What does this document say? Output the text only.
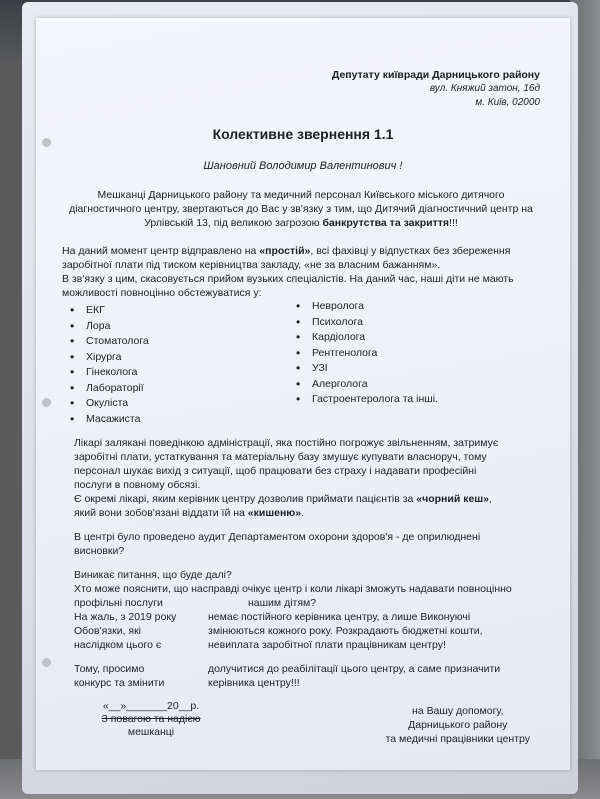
Депутату київради Дарницького району
вул. Княжий затон, 16д
м. Київ, 02000
Колективне звернення 1.1
Шановний Володимир Валентинович !
Мешканці Дарницького району та медичний персонал Київського міського дитячого діагностичного центру, звертаються до Вас у зв'язку з тим, що Дитячий діагностичний центр на Урлівській 13, під великою загрозою банкрутства та закриття!!!
На даний момент центр відправлено на «простій», всі фахівці у відпустках без збереження заробітної плати під тиском керівництва закладу, «не за власним бажанням».
В зв'язку з цим, скасовується прийом вузьких спеціалістів. На даний час, наші діти не мають можливості повноцінно обстежуватися у:
• ЕКГ
• Лора
• Стоматолога
• Хірурга
• Гінеколога
• Лабораторії
• Окуліста
• Масажиста
• Невролога
• Психолога
• Кардіолога
• Рентгенолога
• УЗІ
• Алерголога
• Гастроентеролога та інші.
Лікарі залякані поведінкою адміністрації, яка постійно погрожує звільненням, затримує заробітні плати, устаткування та матеріальну базу змушує купувати власноруч, тому персонал шукає вихід з ситуації, щоб працювати без страху і надавати професійні послуги в повному обсязі.
Є окремі лікарі, яким керівник центру дозволив приймати пацієнтів за «чорний кеш», який вони зобов'язані віддати їй на «кишеню».
В центрі було проведено аудит Департаментом охорони здоров'я - де оприлюднені висновки?
Виникає питання, що буде далі?
Хто може пояснити, що насправді очікує центр і коли лікарі зможуть надавати повноцінно
профільні послуги
На жаль, з 2019 року
Обов'язки, які
наслідком цього є
Тому, просимо
конкурс та змінити
нашим дітям?
немає постійного керівника центру, а лише Виконуючі
змінюються кожного року. Розкрадають бюджетні кошти,
невиплата заробітної плати працівникам центру!
долучитися до реабілітації цього центру, а саме призначити
керівника центру!!!
«__»_______20__р.
З повагою та надією
мешканці
на Вашу допомогу,
Дарницького району
та медичні працівники центру
